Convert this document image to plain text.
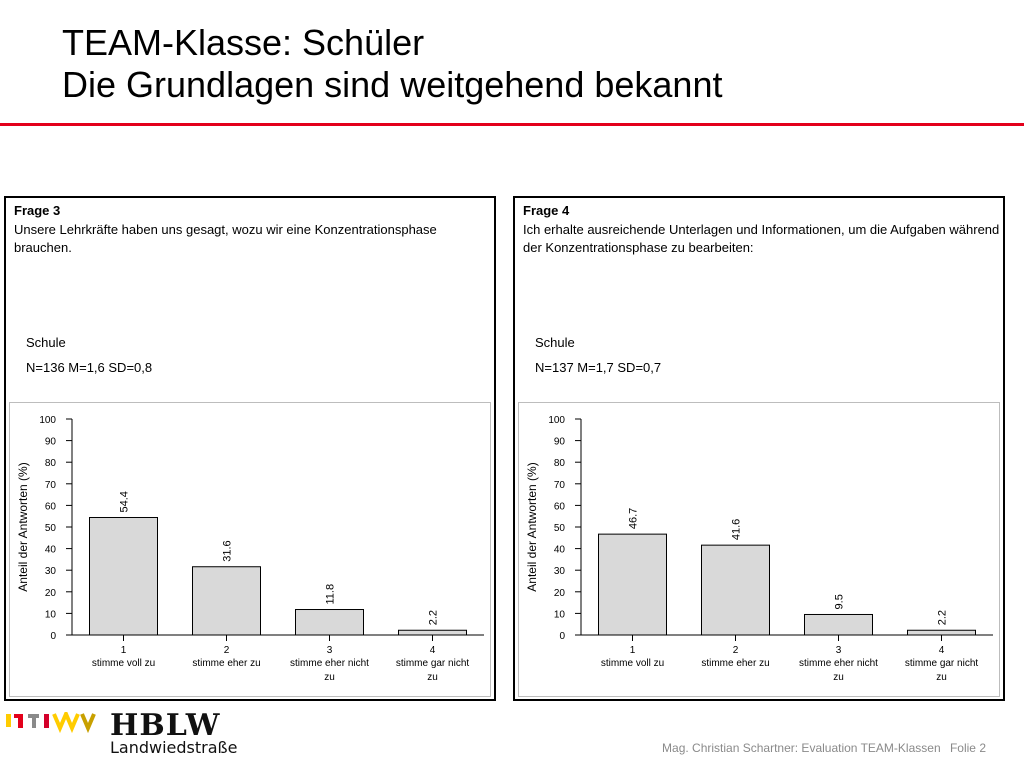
TEAM-Klasse: Schüler
Die Grundlagen sind weitgehend bekannt
Frage 3
Unsere Lehrkräfte haben uns gesagt, wozu wir eine Konzentrationsphase brauchen.
Schule
N=136 M=1,6 SD=0,8
Anteil der Antworten (%)
0
10
20
30
40
50
60
70
80
90
100
54.4
1
stimme voll zu
31.6
2
stimme eher zu
11.8
3
stimme eher nicht
zu
2.2
4
stimme gar nicht
zu
Frage 4
Ich erhalte ausreichende Unterlagen und Informationen, um die Aufgaben während der Konzentrationsphase zu bearbeiten:
Schule
N=137 M=1,7 SD=0,7
Anteil der Antworten (%)
0
10
20
30
40
50
60
70
80
90
100
46.7
1
stimme voll zu
41.6
2
stimme eher zu
9.5
3
stimme eher nicht
zu
2.2
4
stimme gar nicht
zu
HBLW
Landwiedstraße	Mag. Christian Schartner: Evaluation TEAM-Klassen Folie 2
